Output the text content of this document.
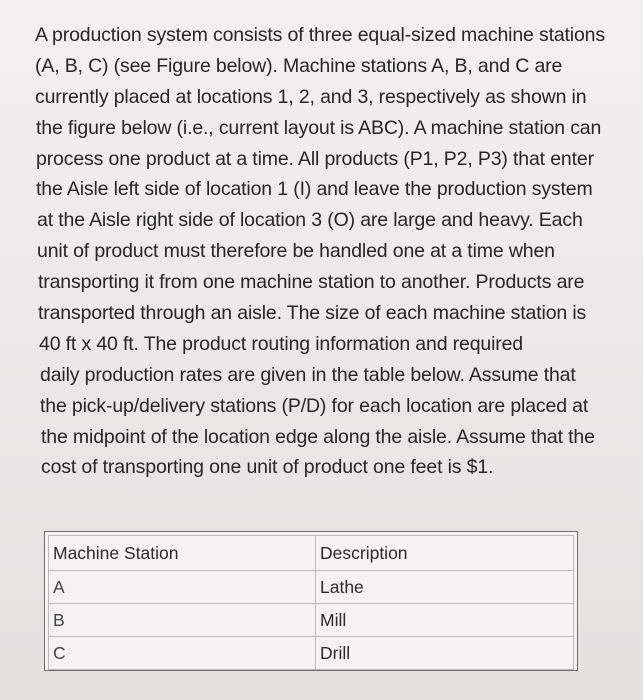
A production system consists of three equal-sized machine stations
(A, B, C) (see Figure below). Machine stations A, B, and C are
currently placed at locations 1, 2, and 3, respectively as shown in
the figure below (i.e., current layout is ABC). A machine station can
process one product at a time. All products (P1, P2, P3) that enter
the Aisle left side of location 1 (I) and leave the production system
at the Aisle right side of location 3 (O) are large and heavy. Each
unit of product must therefore be handled one at a time when
transporting it from one machine station to another. Products are
transported through an aisle. The size of each machine station is
40 ft x 40 ft. The product routing information and required
daily production rates are given in the table below. Assume that
the pick-up/delivery stations (P/D) for each location are placed at
the midpoint of the location edge along the aisle. Assume that the
cost of transporting one unit of product one feet is $1.
Machine Station	Description
A	Lathe
B	Mill
C	Drill
